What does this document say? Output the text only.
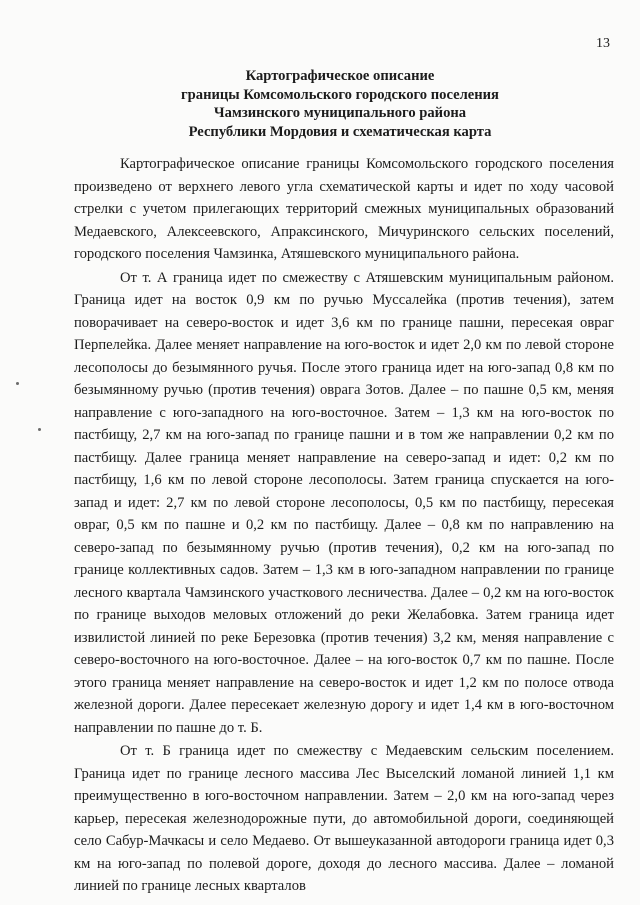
13
Картографическое описание
границы Комсомольского городского поселения
Чамзинского муниципального района
Республики Мордовия и схематическая карта

Картографическое описание границы Комсомольского городского поселения произведено от верхнего левого угла схематической карты и идет по ходу часовой стрелки с учетом прилегающих территорий смежных муниципальных образований Медаевского, Алексеевского, Апраксинского, Мичуринского сельских поселений, городского поселения Чамзинка, Атяшевского муниципального района.

От т. А граница идет по смежеству с Атяшевским муниципальным районом. Граница идет на восток 0,9 км по ручью Муссалейка (против течения), затем поворачивает на северо-восток и идет 3,6 км по границе пашни, пересекая овраг Перпелейка. Далее меняет направление на юго-восток и идет 2,0 км по левой стороне лесополосы до безымянного ручья. После этого граница идет на юго-запад 0,8 км по безымянному ручью (против течения) оврага Зотов. Далее – по пашне 0,5 км, меняя направление с юго-западного на юго-восточное. Затем – 1,3 км на юго-восток по пастбищу, 2,7 км на юго-запад по границе пашни и в том же направлении 0,2 км по пастбищу. Далее граница меняет направление на северо-запад и идет: 0,2 км по пастбищу, 1,6 км по левой стороне лесополосы. Затем граница спускается на юго-запад и идет: 2,7 км по левой стороне лесополосы, 0,5 км по пастбищу, пересекая овраг, 0,5 км по пашне и 0,2 км по пастбищу. Далее – 0,8 км по направлению на северо-запад по безымянному ручью (против течения), 0,2 км на юго-запад по границе коллективных садов. Затем – 1,3 км в юго-западном направлении по границе лесного квартала Чамзинского участкового лесничества. Далее – 0,2 км на юго-восток по границе выходов меловых отложений до реки Желабовка. Затем граница идет извилистой линией по реке Березовка (против течения) 3,2 км, меняя направление с северо-восточного на юго-восточное. Далее – на юго-восток 0,7 км по пашне. После этого граница меняет направление на северо-восток и идет 1,2 км по полосе отвода железной дороги. Далее пересекает железную дорогу и идет 1,4 км в юго-восточном направлении по пашне до т. Б.

От т. Б граница идет по смежеству с Медаевским сельским поселением. Граница идет по границе лесного массива Лес Выселский ломаной линией 1,1 км преимущественно в юго-восточном направлении. Затем – 2,0 км на юго-запад через карьер, пересекая железнодорожные пути, до автомобильной дороги, соединяющей село Сабур-Мачкасы и село Медаево. От вышеуказанной автодороги граница идет 0,3 км на юго-запад по полевой дороге, доходя до лесного массива. Далее – ломаной линией по границе лесных кварталов
